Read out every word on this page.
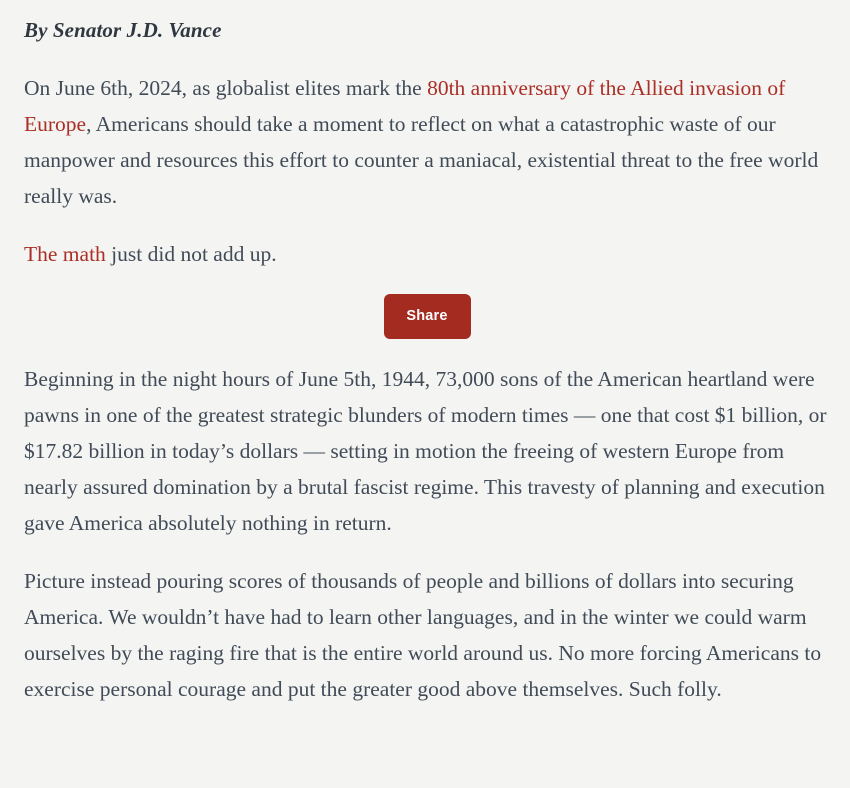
By Senator J.D. Vance

On June 6th, 2024, as globalist elites mark the 80th anniversary of the Allied invasion of Europe, Americans should take a moment to reflect on what a catastrophic waste of our manpower and resources this effort to counter a maniacal, existential threat to the free world really was.

The math just did not add up.

Share

Beginning in the night hours of June 5th, 1944, 73,000 sons of the American heartland were pawns in one of the greatest strategic blunders of modern times — one that cost $1 billion, or $17.82 billion in today’s dollars — setting in motion the freeing of western Europe from nearly assured domination by a brutal fascist regime. This travesty of planning and execution gave America absolutely nothing in return.

Picture instead pouring scores of thousands of people and billions of dollars into securing America. We wouldn’t have had to learn other languages, and in the winter we could warm ourselves by the raging fire that is the entire world around us. No more forcing Americans to exercise personal courage and put the greater good above themselves. Such folly.
